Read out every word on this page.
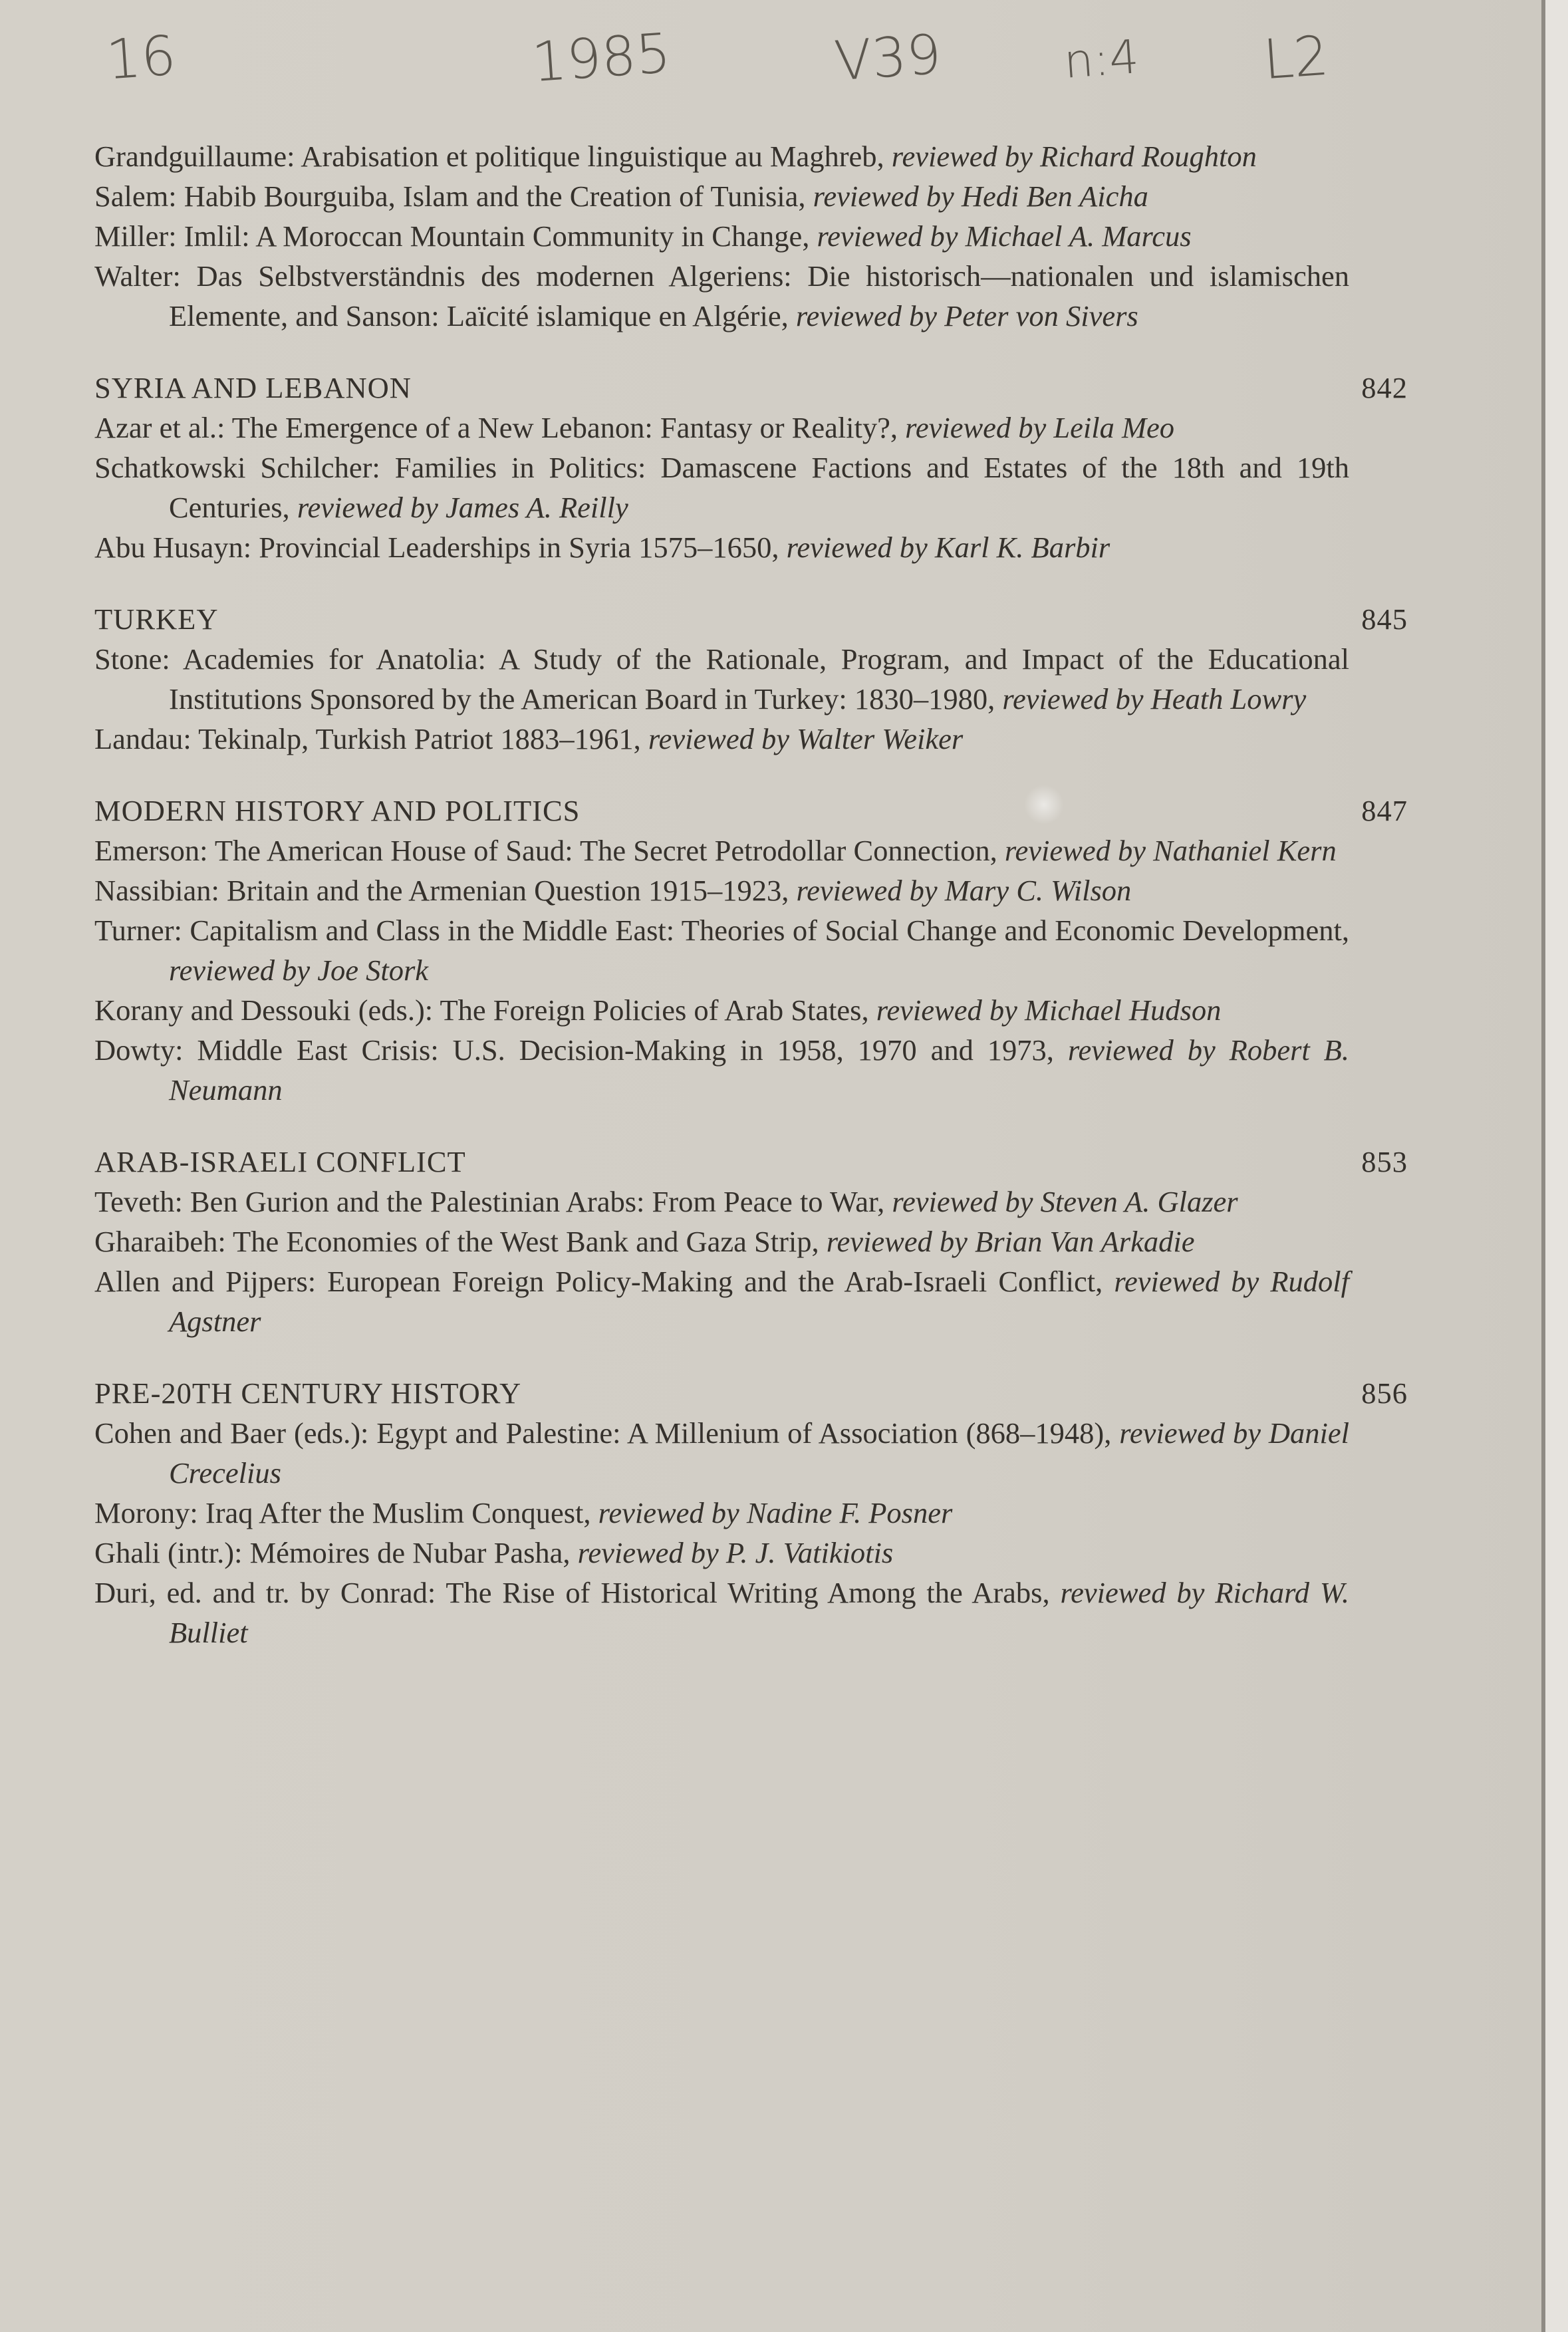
16	1985	V39	n:4 L2
Grandguillaume: Arabisation et politique linguistique au Maghreb, reviewed by Richard Roughton
Salem: Habib Bourguiba, Islam and the Creation of Tunisia, reviewed by Hedi Ben Aicha
Miller: Imlil: A Moroccan Mountain Community in Change, reviewed by Michael A. Marcus
Walter: Das Selbstverständnis des modernen Algeriens: Die historisch—nationalen und islamischen Elemente, and Sanson: Laïcité islamique en Algérie, reviewed by Peter von Sivers
SYRIA AND LEBANON	842
Azar et al.: The Emergence of a New Lebanon: Fantasy or Reality?, reviewed by Leila Meo
Schatkowski Schilcher: Families in Politics: Damascene Factions and Estates of the 18th and 19th Centuries, reviewed by James A. Reilly
Abu Husayn: Provincial Leaderships in Syria 1575–1650, reviewed by Karl K. Barbir
TURKEY	845
Stone: Academies for Anatolia: A Study of the Rationale, Program, and Impact of the Educational Institutions Sponsored by the American Board in Turkey: 1830–1980, reviewed by Heath Lowry
Landau: Tekinalp, Turkish Patriot 1883–1961, reviewed by Walter Weiker
MODERN HISTORY AND POLITICS	847
Emerson: The American House of Saud: The Secret Petrodollar Connection, reviewed by Nathaniel Kern
Nassibian: Britain and the Armenian Question 1915–1923, reviewed by Mary C. Wilson
Turner: Capitalism and Class in the Middle East: Theories of Social Change and Economic Development, reviewed by Joe Stork
Korany and Dessouki (eds.): The Foreign Policies of Arab States, reviewed by Michael Hudson
Dowty: Middle East Crisis: U.S. Decision-Making in 1958, 1970 and 1973, reviewed by Robert B. Neumann
ARAB-ISRAELI CONFLICT	853
Teveth: Ben Gurion and the Palestinian Arabs: From Peace to War, reviewed by Steven A. Glazer
Gharaibeh: The Economies of the West Bank and Gaza Strip, reviewed by Brian Van Arkadie
Allen and Pijpers: European Foreign Policy-Making and the Arab-Israeli Conflict, reviewed by Rudolf Agstner
PRE-20TH CENTURY HISTORY	856
Cohen and Baer (eds.): Egypt and Palestine: A Millenium of Association (868–1948), reviewed by Daniel Crecelius
Morony: Iraq After the Muslim Conquest, reviewed by Nadine F. Posner
Ghali (intr.): Mémoires de Nubar Pasha, reviewed by P. J. Vatikiotis
Duri, ed. and tr. by Conrad: The Rise of Historical Writing Among the Arabs, reviewed by Richard W. Bulliet
